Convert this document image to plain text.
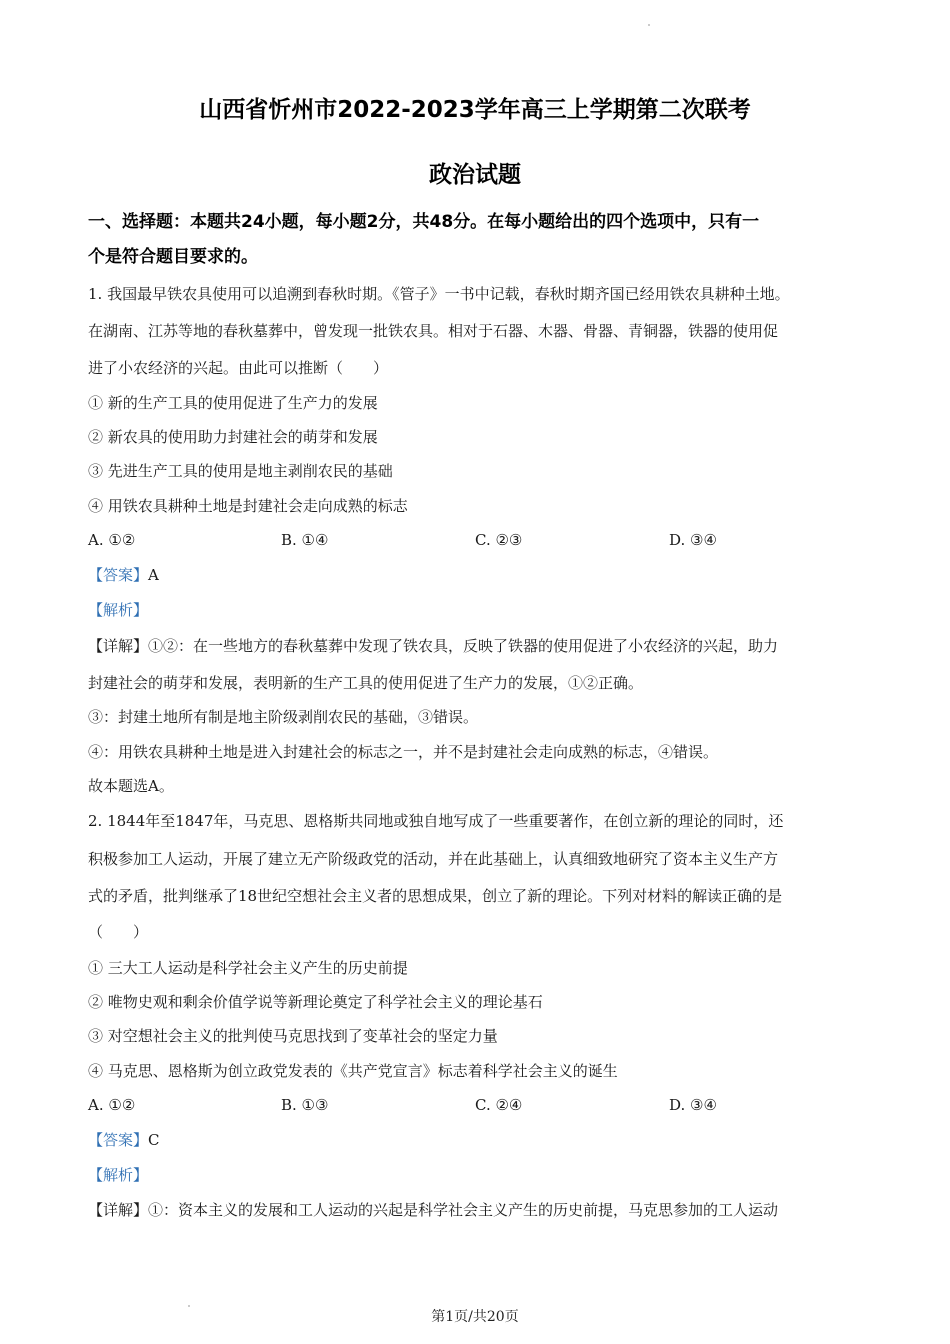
山西省忻州市2022-2023学年高三上学期第二次联考
政治试题
一、选择题：本题共24小题，每小题2分，共48分。在每小题给出的四个选项中，只有一
个是符合题目要求的。
1. 我国最早铁农具使用可以追溯到春秋时期。《管子》一书中记载，春秋时期齐国已经用铁农具耕种土地。
在湖南、江苏等地的春秋墓葬中，曾发现一批铁农具。相对于石器、木器、骨器、青铜器，铁器的使用促
进了小农经济的兴起。由此可以推断（　　）
① 新的生产工具的使用促进了生产力的发展
② 新农具的使用助力封建社会的萌芽和发展
③ 先进生产工具的使用是地主剥削农民的基础
④ 用铁农具耕种土地是封建社会走向成熟的标志
A. ①②	B. ①④	C. ②③	D. ③④
【答案】A
【解析】
【详解】①②：在一些地方的春秋墓葬中发现了铁农具，反映了铁器的使用促进了小农经济的兴起，助力
封建社会的萌芽和发展，表明新的生产工具的使用促进了生产力的发展，①②正确。
③：封建土地所有制是地主阶级剥削农民的基础，③错误。
④：用铁农具耕种土地是进入封建社会的标志之一，并不是封建社会走向成熟的标志，④错误。
故本题选A。
2. 1844年至1847年，马克思、恩格斯共同地或独自地写成了一些重要著作，在创立新的理论的同时，还
积极参加工人运动，开展了建立无产阶级政党的活动，并在此基础上，认真细致地研究了资本主义生产方
式的矛盾，批判继承了18世纪空想社会主义者的思想成果，创立了新的理论。下列对材料的解读正确的是
（　　）
① 三大工人运动是科学社会主义产生的历史前提
② 唯物史观和剩余价值学说等新理论奠定了科学社会主义的理论基石
③ 对空想社会主义的批判使马克思找到了变革社会的坚定力量
④ 马克思、恩格斯为创立政党发表的《共产党宣言》标志着科学社会主义的诞生
A. ①②	B. ①③	C. ②④	D. ③④
【答案】C
【解析】
【详解】①：资本主义的发展和工人运动的兴起是科学社会主义产生的历史前提，马克思参加的工人运动
第1页/共20页
